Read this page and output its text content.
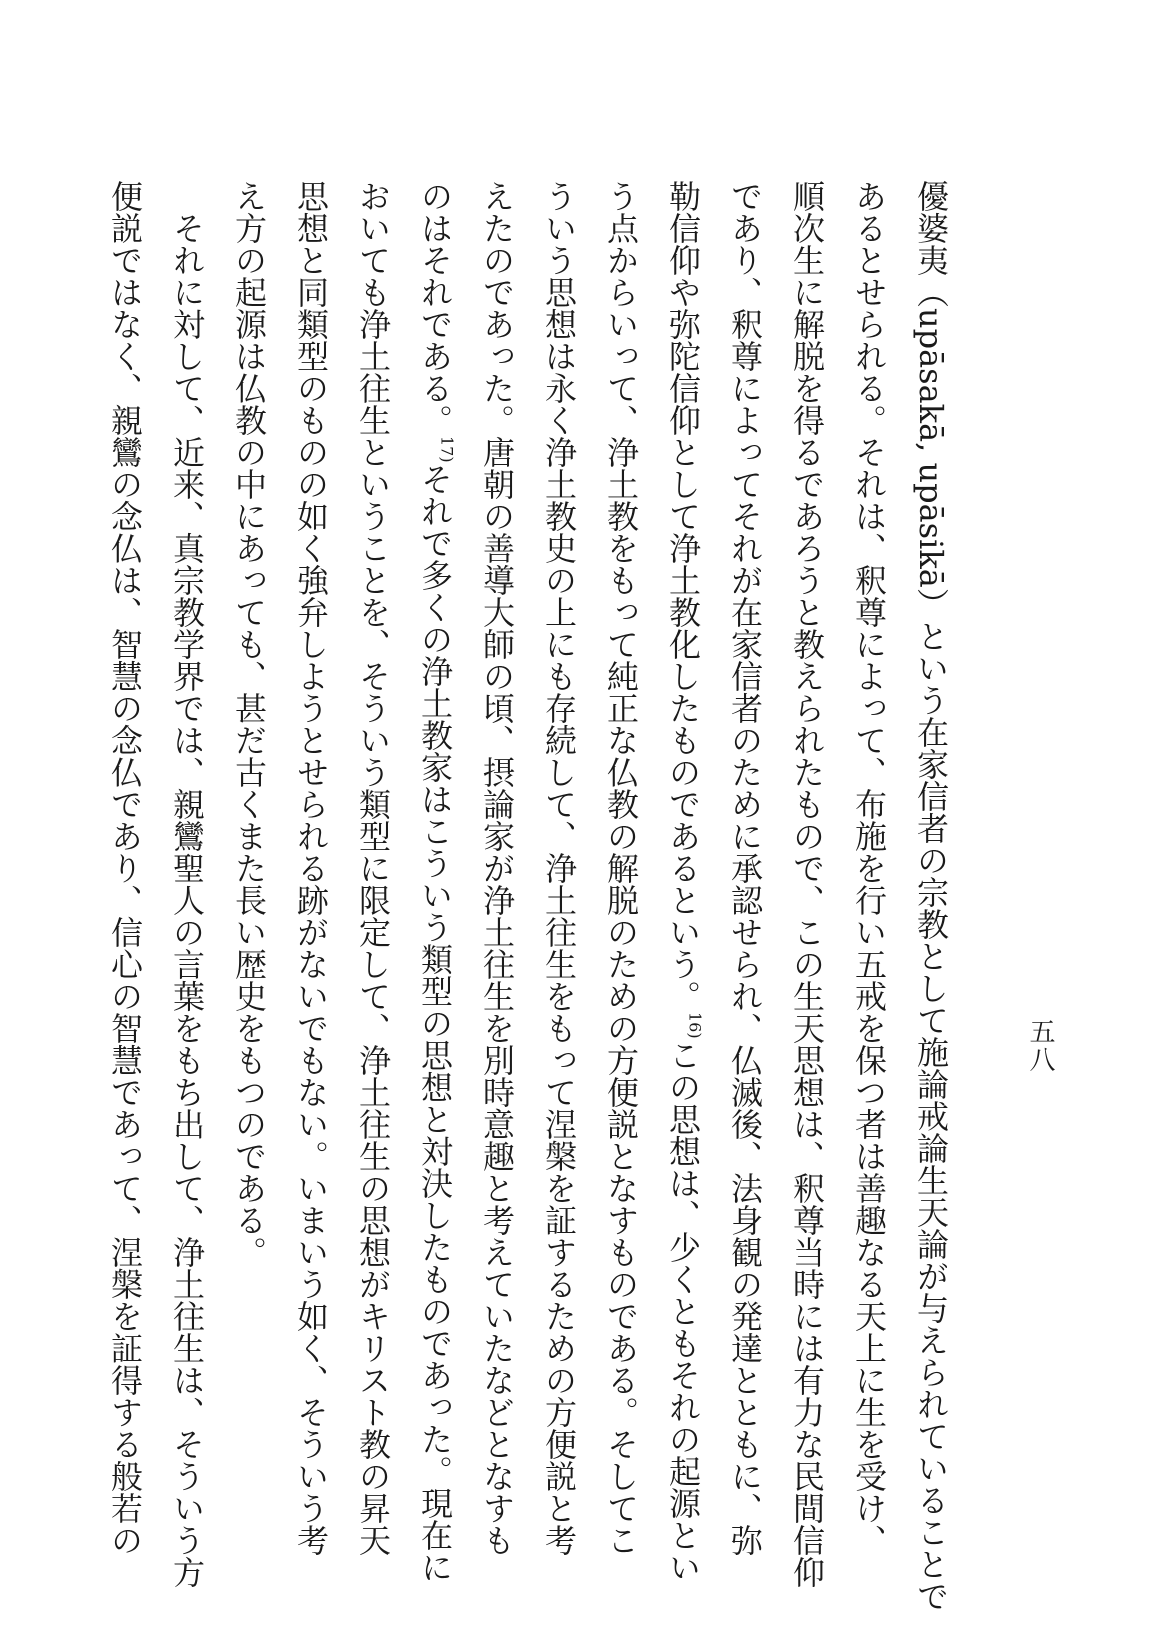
五八
優婆夷（upāsakā, upāsikā）という在家信者の宗教として施論戒論生天論が与えられていることで
あるとせられる。それは、釈尊によって、布施を行い五戒を保つ者は善趣なる天上に生を受け、
順次生に解脱を得るであろうと教えられたもので、この生天思想は、釈尊当時には有力な民間信仰
であり、釈尊によってそれが在家信者のために承認せられ、仏滅後、法身観の発達とともに、弥
勒信仰や弥陀信仰として浄土教化したものであるという。$^{16)}$この思想は、少くともそれの起源とい
う点からいって、浄土教をもって純正な仏教の解脱のための方便説となすものである。そしてこ
ういう思想は永く浄土教史の上にも存続して、浄土往生をもって涅槃を証するための方便説と考
えたのであった。唐朝の善導大師の頃、摂論家が浄土往生を別時意趣と考えていたなどとなすも
のはそれである。$^{17)}$それで多くの浄土教家はこういう類型の思想と対決したものであった。現在に
おいても浄土往生ということを、そういう類型に限定して、浄土往生の思想がキリスト教の昇天
思想と同類型のものの如く強弁しようとせられる跡がないでもない。いまいう如く、そういう考
え方の起源は仏教の中にあっても、甚だ古くまた長い歴史をもつのである。
　それに対して、近来、真宗教学界では、親鸞聖人の言葉をもち出して、浄土往生は、そういう方
便説ではなく、親鸞の念仏は、智慧の念仏であり、信心の智慧であって、涅槃を証得する般若の
